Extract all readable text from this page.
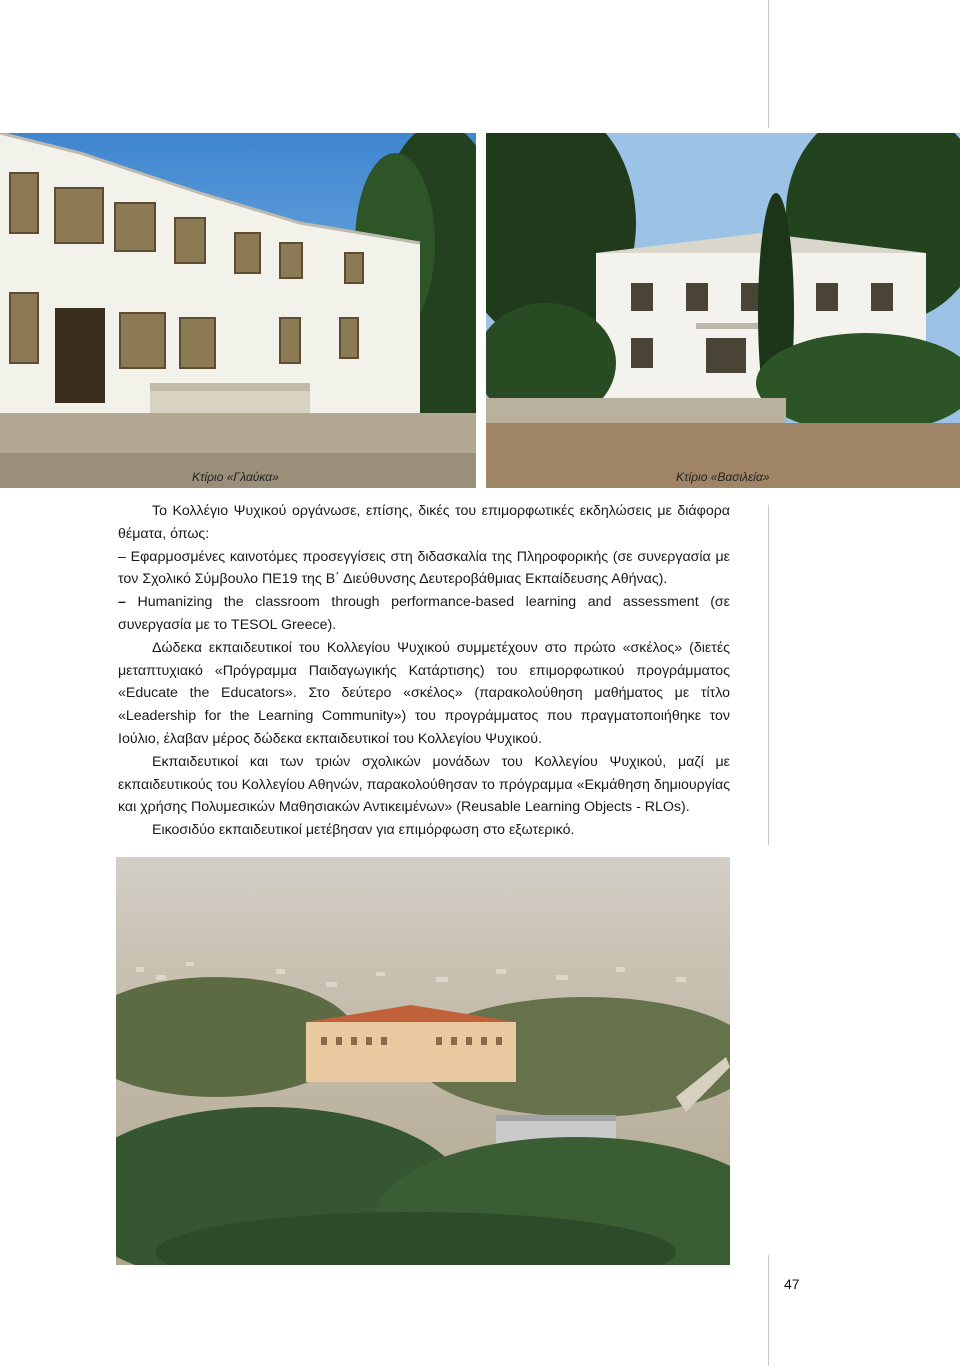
Κτίριο «Γλαύκα»	Κτίριο «Βασιλεία»

Το Κολλέγιο Ψυχικού οργάνωσε, επίσης, δικές του επιμορφωτικές εκδηλώσεις με διάφορα θέματα, όπως:

– Εφαρμοσμένες καινοτόμες προσεγγίσεις στη διδασκαλία της Πληροφορικής (σε συνεργασία με τον Σχολικό Σύμβουλο ΠΕ19 της Β΄ Διεύθυνσης Δευτεροβάθμιας Εκπαίδευσης Αθήνας).

– Humanizing the classroom through performance-based learning and assessment (σε συνεργασία με το TESOL Greece).

Δώδεκα εκπαιδευτικοί του Κολλεγίου Ψυχικού συμμετέχουν στο πρώτο «σκέλος» (διετές μεταπτυχιακό «Πρόγραμμα Παιδαγωγικής Κατάρτισης) του επιμορφωτικού προγράμματος «Educate the Educators». Στο δεύτερο «σκέλος» (παρακολούθηση μαθήματος με τίτλο «Leadership for the Learning Community») του προγράμματος που πραγματοποιήθηκε τον Ιούλιο, έλαβαν μέρος δώδεκα εκπαιδευτικοί του Κολλεγίου Ψυχικού.

Εκπαιδευτικοί και των τριών σχολικών μονάδων του Κολλεγίου Ψυχικού, μαζί με εκπαιδευτικούς του Κολλεγίου Αθηνών, παρακολούθησαν το πρόγραμμα «Εκμάθηση δημιουργίας και χρήσης Πολυμεσικών Μαθησιακών Αντικειμένων» (Reusable Learning Objects - RLOs).

Εικοσιδύο εκπαιδευτικοί μετέβησαν για επιμόρφωση στο εξωτερικό.

47
